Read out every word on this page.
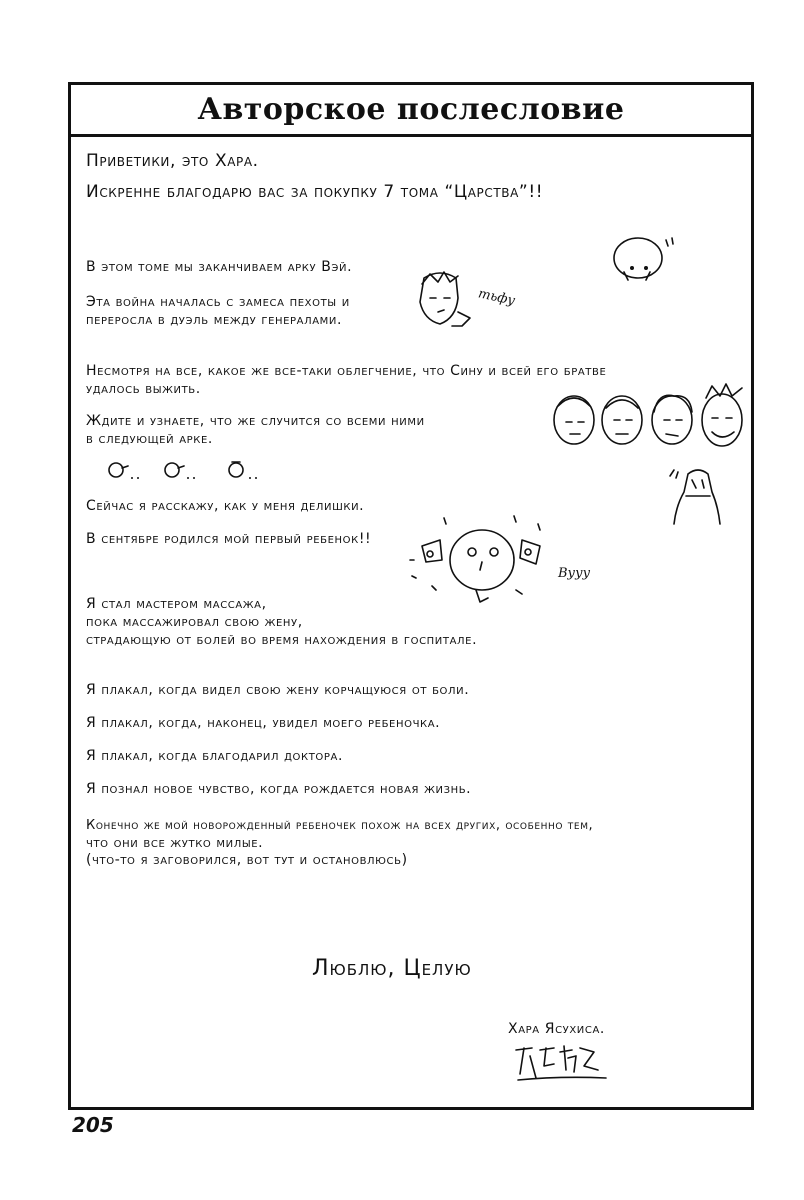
Авторское послесловие
Приветики, это Хара.
Искренне благодарю вас за покупку 7 тома “Царства”!!
В этом томе мы заканчиваем арку Вэй.
Эта война началась с замеса пехоты и
переросла в дуэль между генералами.
Несмотря на все, какое же все-таки облегчение, что Сину и всей его братве
удалось выжить.
Ждите и узнаете, что же случится со всеми ними
в следующей арке.
Сейчас я расскажу, как у меня делишки.
В сентябре родился мой первый ребенок!!
Я стал мастером массажа,
пока массажировал свою жену,
страдающую от болей во время нахождения в госпитале.
Я плакал, когда видел свою жену корчащуюся от боли.
Я плакал, когда, наконец, увидел моего ребеночка.
Я плакал, когда благодарил доктора.
Я познал новое чувство, когда рождается новая жизнь.
Конечно же мой новорожденный ребеночек похож на всех других, особенно тем,
что они все жутко милые.
(что-то я заговорился, вот тут и остановлюсь)
Люблю, Целую
Хара Ясухиса.
205
тьфу
Вууу
